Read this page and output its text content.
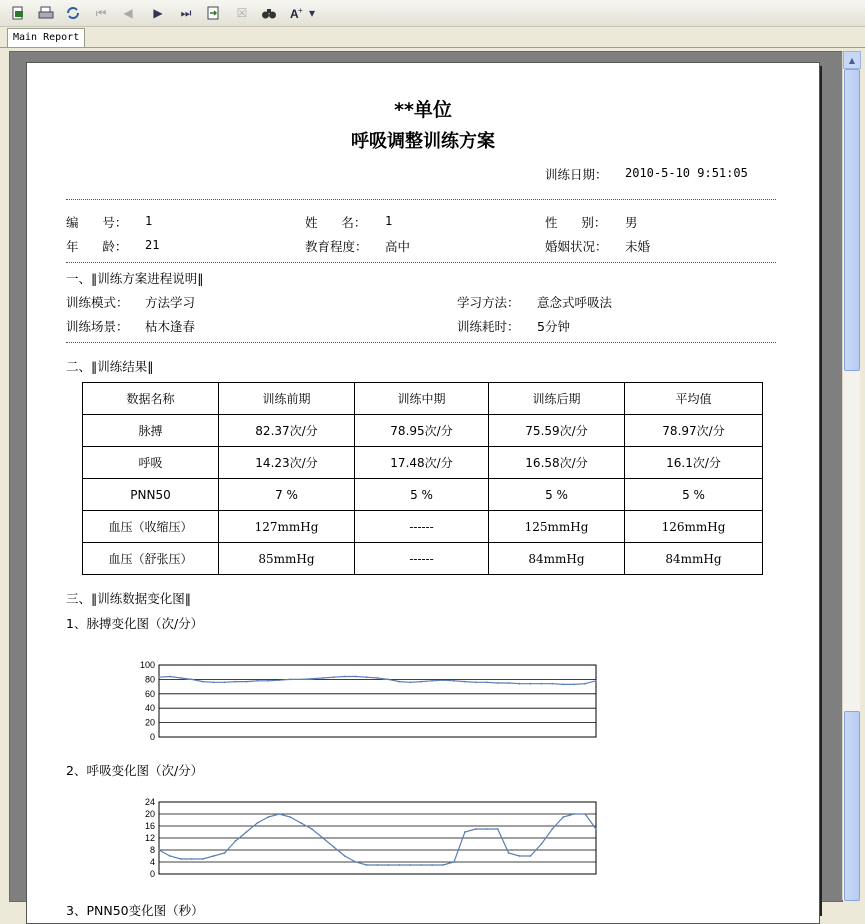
⏮	◀	▶	⏭	☒	A + ▾
Main Report
**单位
呼吸调整训练方案
训练日期： 2010-5-10 9:51:05
编      号： 1	姓      名： 1	性      别： 男
年      龄： 21	教育程度： 高中	婚姻状况： 未婚
一、‖训练方案进程说明‖
训练模式： 方法学习	学习方法： 意念式呼吸法
训练场景： 枯木逢春	训练耗时： 5分钟
二、‖训练结果‖
数据名称	训练前期	训练中期	训练后期	平均值
脉搏	82.37次/分	78.95次/分	75.59次/分	78.97次/分
呼吸	14.23次/分	17.48次/分	16.58次/分	16.1次/分
PNN50	7 %	5 %	5 %	5 %
血压（收缩压）	127mmHg	------	125mmHg	126mmHg
血压（舒张压）	85mmHg	------	84mmHg	84mmHg
三、‖训练数据变化图‖
1、脉搏变化图（次/分）
0
20
40
60
80
100
2、呼吸变化图（次/分）
0
4
8
12
16
20
24
3、PNN50变化图（秒）
▲
